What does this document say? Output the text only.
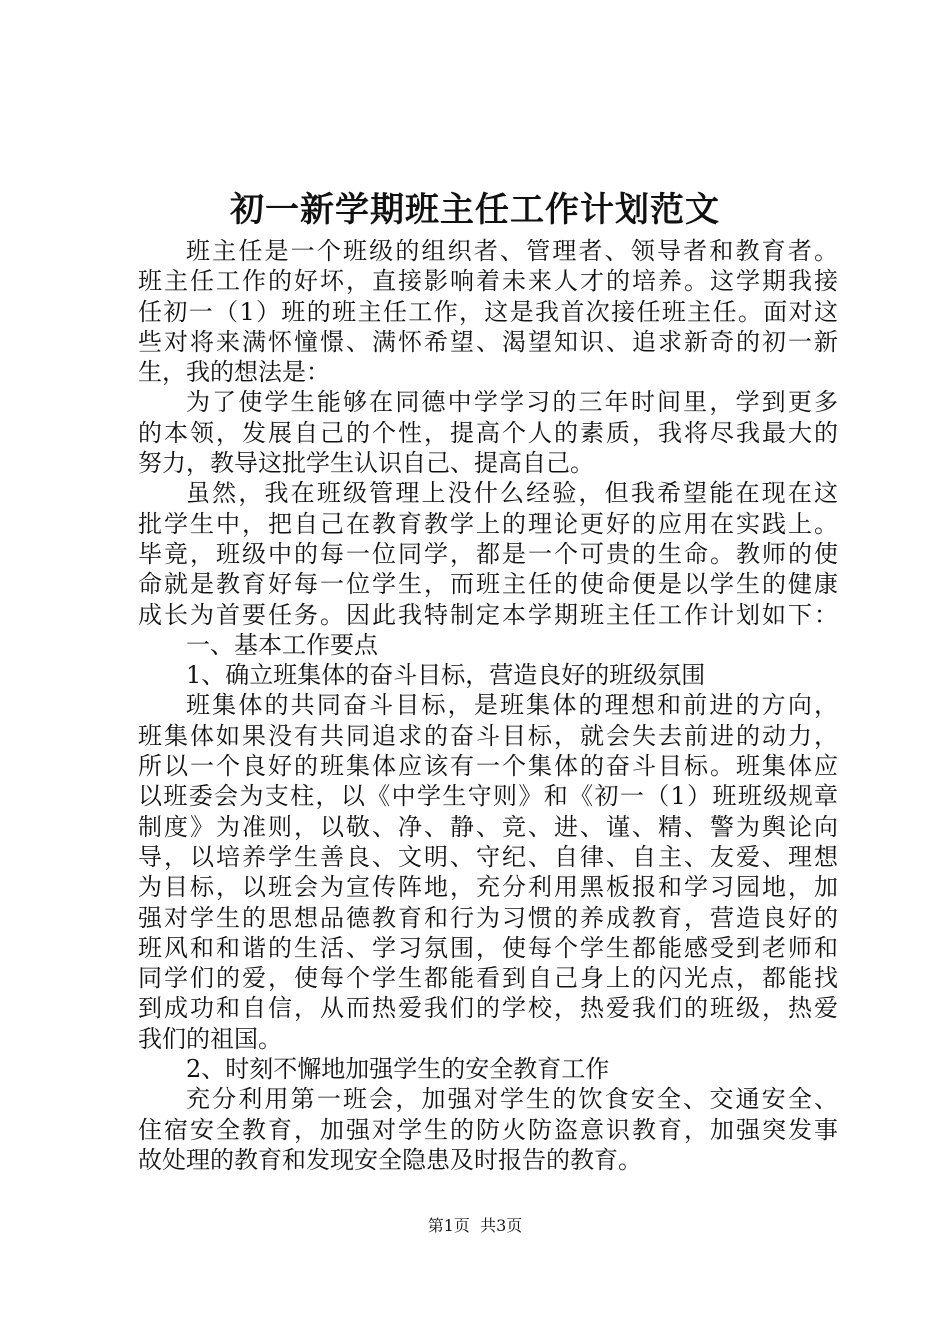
初一新学期班主任工作计划范文
班主任是一个班级的组织者、管理者、领导者和教育者。
班主任工作的好坏，直接影响着未来人才的培养。这学期我接
任初一（1）班的班主任工作，这是我首次接任班主任。面对这
些对将来满怀憧憬、满怀希望、渴望知识、追求新奇的初一新
生，我的想法是：
为了使学生能够在同德中学学习的三年时间里，学到更多
的本领，发展自己的个性，提高个人的素质，我将尽我最大的
努力，教导这批学生认识自己、提高自己。
虽然，我在班级管理上没什么经验，但我希望能在现在这
批学生中，把自己在教育教学上的理论更好的应用在实践上。
毕竟，班级中的每一位同学，都是一个可贵的生命。教师的使
命就是教育好每一位学生，而班主任的使命便是以学生的健康
成长为首要任务。因此我特制定本学期班主任工作计划如下：
一、基本工作要点
1、确立班集体的奋斗目标，营造良好的班级氛围
班集体的共同奋斗目标，是班集体的理想和前进的方向，
班集体如果没有共同追求的奋斗目标，就会失去前进的动力，
所以一个良好的班集体应该有一个集体的奋斗目标。班集体应
以班委会为支柱，以《中学生守则》和《初一（1）班班级规章
制度》为准则，以敬、净、静、竞、进、谨、精、警为舆论向
导，以培养学生善良、文明、守纪、自律、自主、友爱、理想
为目标，以班会为宣传阵地，充分利用黑板报和学习园地，加
强对学生的思想品德教育和行为习惯的养成教育，营造良好的
班风和和谐的生活、学习氛围，使每个学生都能感受到老师和
同学们的爱，使每个学生都能看到自己身上的闪光点，都能找
到成功和自信，从而热爱我们的学校，热爱我们的班级，热爱
我们的祖国。
2、时刻不懈地加强学生的安全教育工作
充分利用第一班会，加强对学生的饮食安全、交通安全、
住宿安全教育，加强对学生的防火防盗意识教育，加强突发事
故处理的教育和发现安全隐患及时报告的教育。
第1页  共3页
